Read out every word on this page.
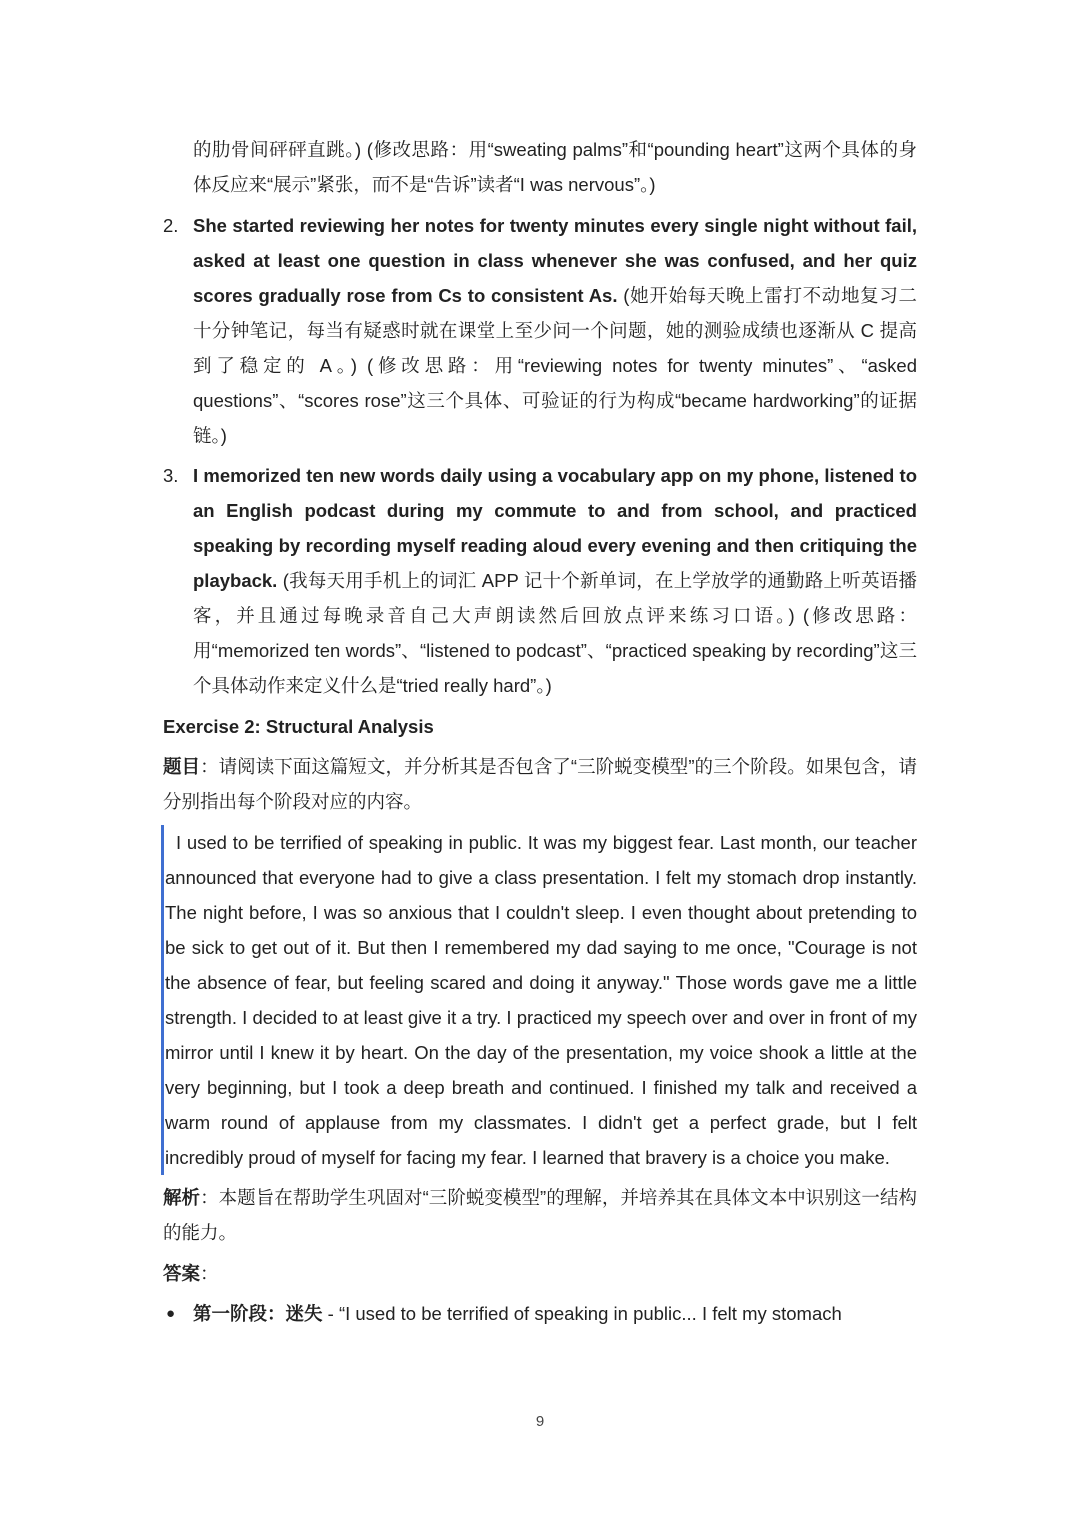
的肋骨间砰砰直跳。) (修改思路：用“sweating palms”和“pounding heart”这两个具体的身体反应来“展示”紧张，而不是“告诉”读者“I was nervous”。)

2. She started reviewing her notes for twenty minutes every single night without fail, asked at least one question in class whenever she was confused, and her quiz scores gradually rose from Cs to consistent As. (她开始每天晚上雷打不动地复习二十分钟笔记，每当有疑惑时就在课堂上至少问一个问题，她的测验成绩也逐渐从 C 提高到了稳定的 A。) (修改思路：用“reviewing notes for twenty minutes”、“asked questions”、“scores rose”这三个具体、可验证的行为构成“became hardworking”的证据链。)
3. I memorized ten new words daily using a vocabulary app on my phone, listened to an English podcast during my commute to and from school, and practiced speaking by recording myself reading aloud every evening and then critiquing the playback. (我每天用手机上的词汇 APP 记十个新单词，在上学放学的通勤路上听英语播客，并且通过每晚录音自己大声朗读然后回放点评来练习口语。) (修改思路：用“memorized ten words”、“listened to podcast”、“practiced speaking by recording”这三个具体动作来定义什么是“tried really hard”。)

Exercise 2: Structural Analysis

题目：请阅读下面这篇短文，并分析其是否包含了“三阶蜕变模型”的三个阶段。如果包含，请分别指出每个阶段对应的内容。

I used to be terrified of speaking in public. It was my biggest fear. Last month, our teacher announced that everyone had to give a class presentation. I felt my stomach drop instantly. The night before, I was so anxious that I couldn't sleep. I even thought about pretending to be sick to get out of it. But then I remembered my dad saying to me once, "Courage is not the absence of fear, but feeling scared and doing it anyway." Those words gave me a little strength. I decided to at least give it a try. I practiced my speech over and over in front of my mirror until I knew it by heart. On the day of the presentation, my voice shook a little at the very beginning, but I took a deep breath and continued. I finished my talk and received a warm round of applause from my classmates. I didn't get a perfect grade, but I felt incredibly proud of myself for facing my fear. I learned that bravery is a choice you make.

解析：本题旨在帮助学生巩固对“三阶蜕变模型”的理解，并培养其在具体文本中识别这一结构的能力。

答案：

● 第一阶段：迷失 - “I used to be terrified of speaking in public... I felt my stomach
9
